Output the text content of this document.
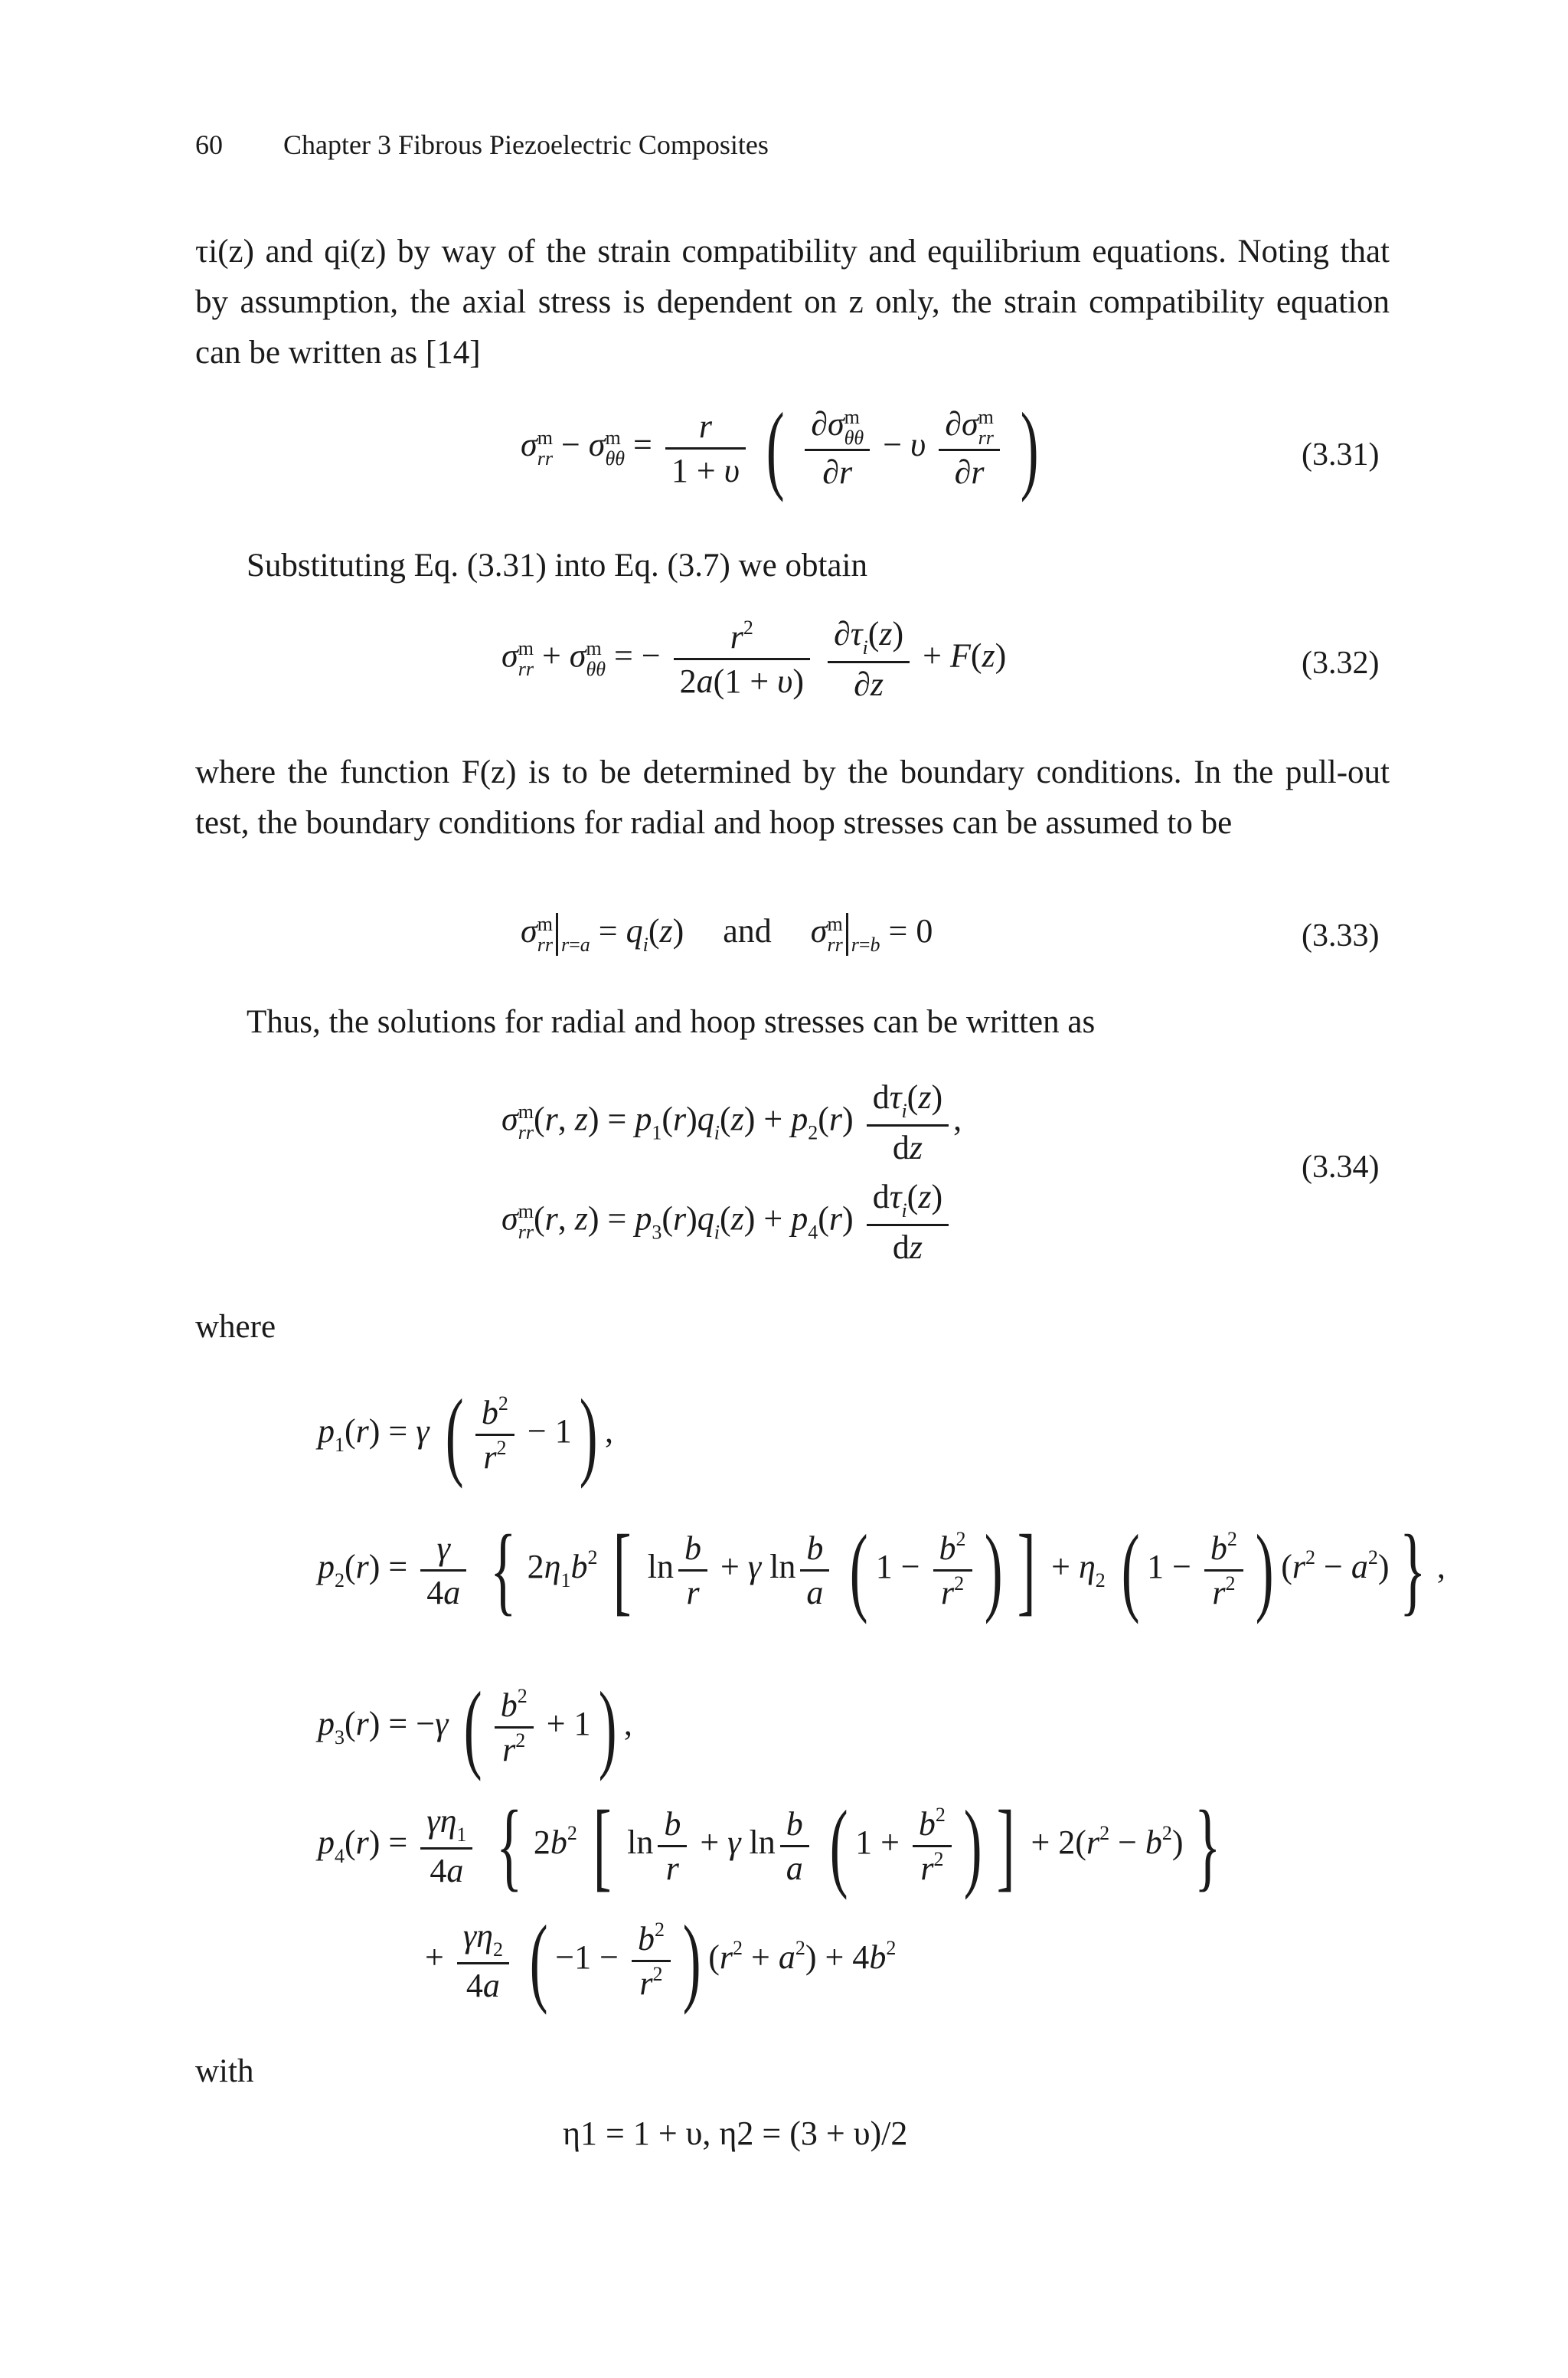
60 Chapter 3 Fibrous Piezoelectric Composites
τi(z) and qi(z) by way of the strain compatibility and equilibrium equations. Noting that by assumption, the axial stress is dependent on z only, the strain compatibility equation can be written as [14]
σ m
rr − σ m
$\theta\theta = \frac{r}{1 + \upsilon}$ ( ∂σ m
θθ
∂r − υ ∂σ m
rr
∂r )	(3.31)
Substituting Eq. (3.31) into Eq. (3.7) we obtain
σ m
rr + σ m
θθ = − $\frac{r^2}{2a(1 + \upsilon)}$
$\frac{\partial\tau_i(z)}{\partial z} + F(z)$	(3.32)
where the function F(z) is to be determined by the boundary conditions. In the pull-out test, the boundary conditions for radial and hoop stresses can be assumed to be
σ m
rr $_{r=a} = q_i(z)$ and σ m
rr $_{r=b}$ = 0	(3.33)
Thus, the solutions for radial and hoop stresses can be written as
σ m
rr (r, $z) = p_1(r)q_i(z) + p_2(r) \frac{d\tau_i(z)}{dz}$ ,
σ m
rr (r, $z) = p_3(r)q_i(z) + p_4(r) \frac{d\tau_i(z)}{dz}$
(3.34)
where
$p_1(r) = \gamma$ ( $\frac{b^2}{r^2} - 1$) ,
$p_2(r) = \frac{\gamma}{4a}$ { $2\eta_1b^2$ [ $\ln \frac{b}{r} + \gamma$ $\ln \frac{b}{a}$ ( $1 - \frac{b^2}{r^2}$ ) ] + $\eta_2$ ( $1 - \frac{b^2}{r^2}$ ) $(r^2 - a^2)$ } ,
$p_3(r) = -\gamma$ ( $\frac{b^2}{r^2} + 1$) ,
$p_4(r) = \frac{\gamma\eta_1}{4a}$ { $2b^2$ [ $\ln \frac{b}{r} + \gamma$ $\ln \frac{b}{a}$ ( $1 + \frac{b^2}{r^2}$ ) ] + $2(r^2 - b^2)$ }
+ $\frac{\gamma\eta_2}{4a}$ ( $-1 - \frac{b^2}{r^2}$ ) $(r^2 + a^2) + 4b^2$
with
η1 = 1 + υ, η2 = (3 + υ)/2
